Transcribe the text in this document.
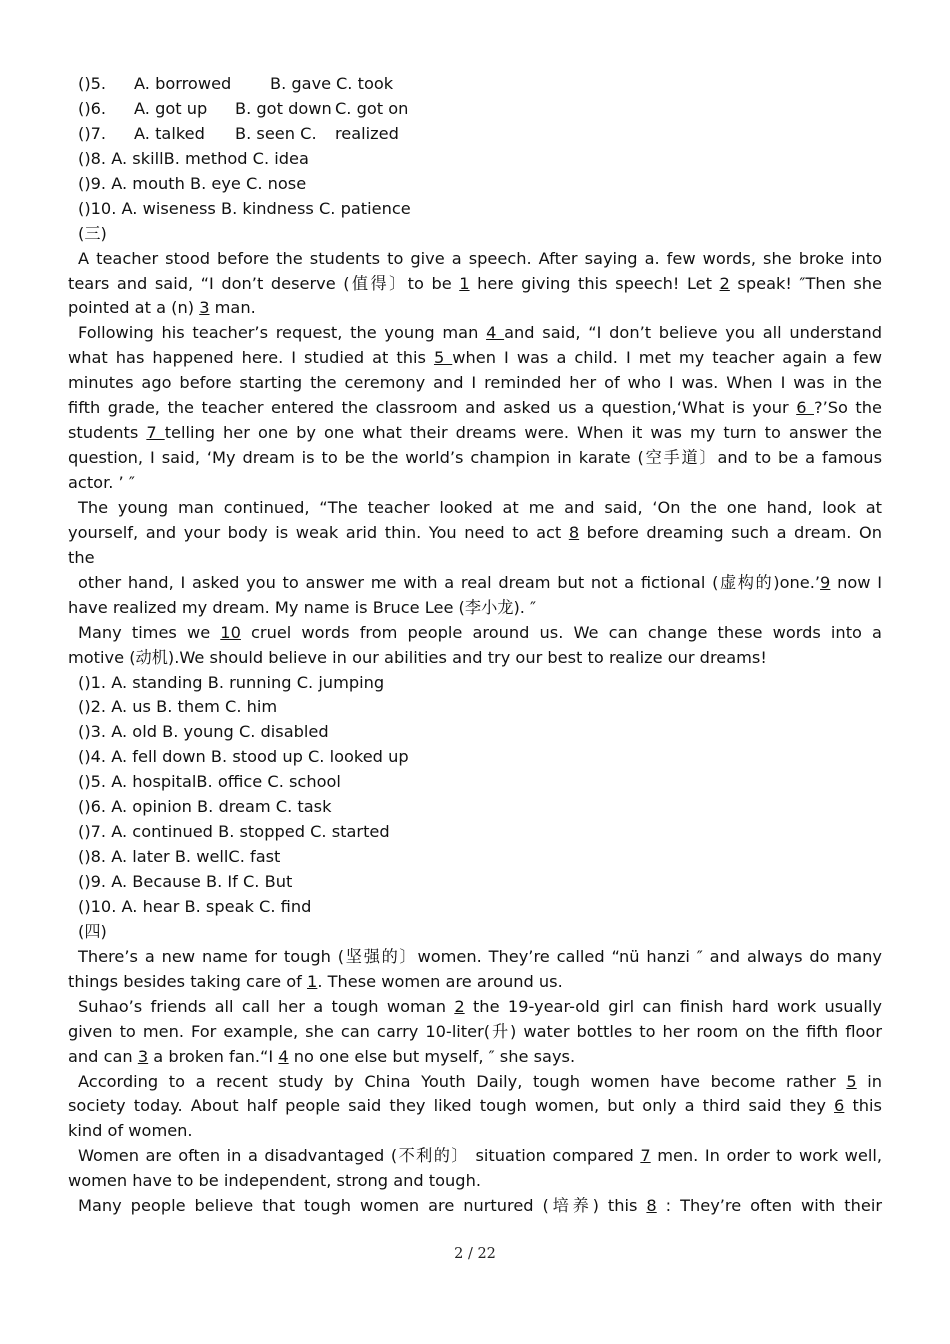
()5. A. borrowed B. gave C. took
()6. A. got up B. got down C. got on
()7. A. talked B. seen C. realized
()8. A. skillB. method C. idea
()9. A. mouth B. eye C. nose
()10. A. wiseness B. kindness C. patience
(三)
A teacher stood before the students to give a speech. After saying a. few words, she broke into
tears and said, “I don’t deserve (值得〕to be 1 here giving this speech! Let 2 speak! ″Then she
pointed at a (n) 3 man.
Following his teacher’s request, the young man 4 and said, “I don’t believe you all understand
what has happened here. I studied at this 5 when I was a child. I met my teacher again a few
minutes ago before starting the ceremony and I reminded her of who I was. When I was in the
fifth grade, the teacher entered the classroom and asked us a question,‘What is your 6 ?’So the
students 7 telling her one by one what their dreams were. When it was my turn to answer the
question, I said, ‘My dream is to be the world’s champion in karate (空手道〕and to be a famous
actor. ’ ″
The young man continued, “The teacher looked at me and said, ‘On the one hand, look at
yourself, and your body is weak arid thin. You need to act 8 before dreaming such a dream. On
the
other hand, I asked you to answer me with a real dream but not a fictional (虚构的)one.’9 now I
have realized my dream. My name is Bruce Lee (李小龙). ″
Many times we 10 cruel words from people around us. We can change these words into a
motive (动机).We should believe in our abilities and try our best to realize our dreams!
()1. A. standing B. running C. jumping
()2. A. us B. them C. him
()3. A. old B. young C. disabled
()4. A. fell down B. stood up C. looked up
()5. A. hospitalB. office C. school
()6. A. opinion B. dream C. task
()7. A. continued B. stopped C. started
()8. A. later B. wellC. fast
()9. A. Because B. If C. But
()10. A. hear B. speak C. find
(四)
There’s a new name for tough (坚强的〕women. They’re called “nü hanzi ″ and always do many
things besides taking care of 1. These women are around us.
Suhao’s friends all call her a tough woman 2 the 19-year-old girl can finish hard work usually
given to men. For example, she can carry 10-liter(升) water bottles to her room on the fifth floor
and can 3 a broken fan.“I 4 no one else but myself, ″ she says.
According to a recent study by China Youth Daily, tough women have become rather 5 in
society today. About half people said they liked tough women, but only a third said they 6 this
kind of women.
Women are often in a disadvantaged (不利的〕 situation compared 7 men. In order to work well,
women have to be independent, strong and tough.
Many people believe that tough women are nurtured (培养) this 8 : They’re often with their
2 / 22
